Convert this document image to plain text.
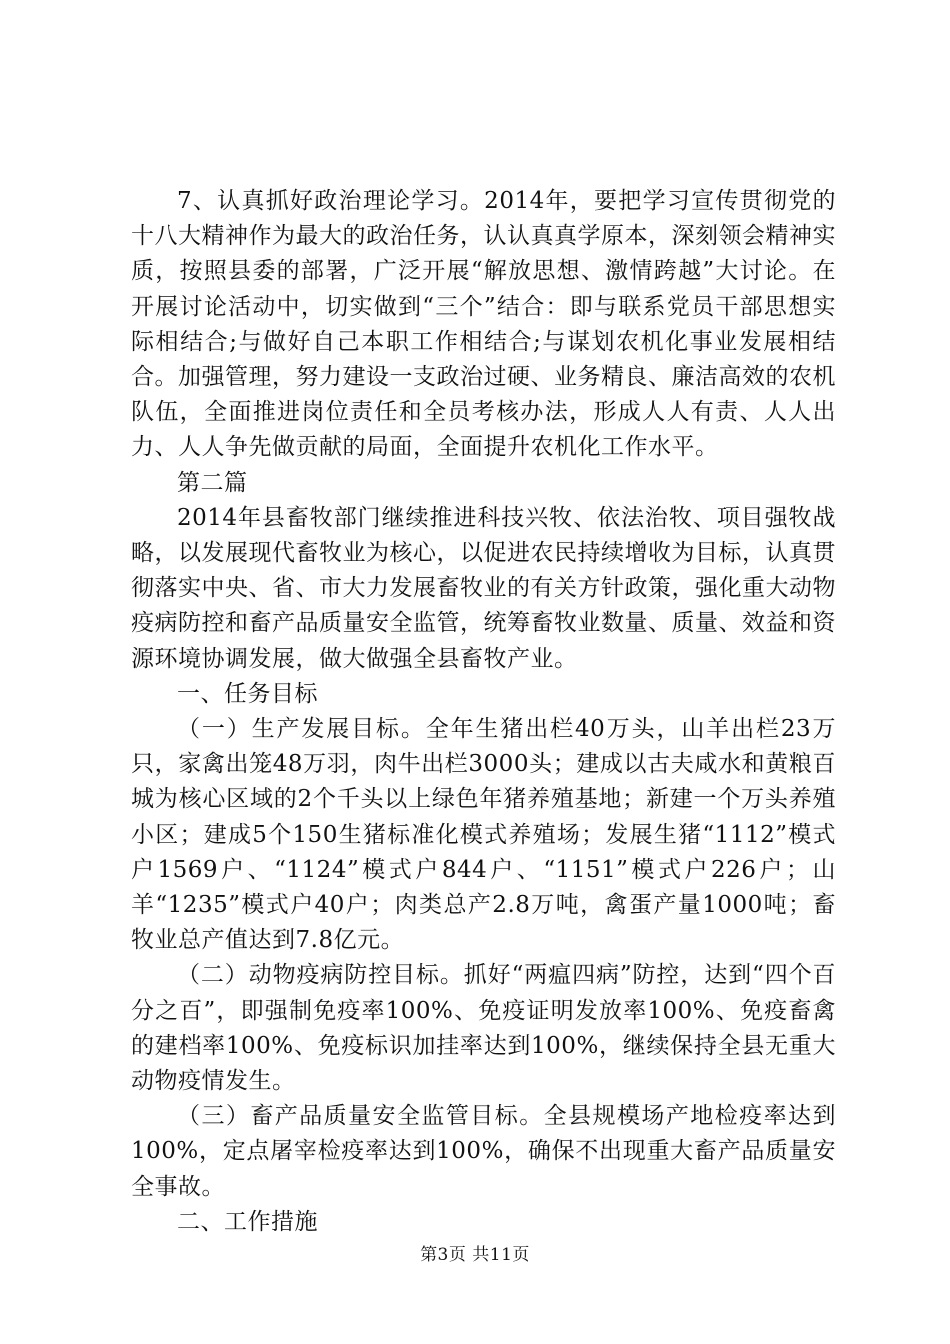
7、认真抓好政治理论学习。2014年，要把学习宣传贯彻党的十八大精神作为最大的政治任务，认认真真学原本，深刻领会精神实质，按照县委的部署，广泛开展“解放思想、激情跨越”大讨论。在开展讨论活动中，切实做到“三个”结合：即与联系党员干部思想实际相结合;与做好自己本职工作相结合;与谋划农机化事业发展相结合。加强管理，努力建设一支政治过硬、业务精良、廉洁高效的农机队伍，全面推进岗位责任和全员考核办法，形成人人有责、人人出力、人人争先做贡献的局面，全面提升农机化工作水平。

第二篇

2014年县畜牧部门继续推进科技兴牧、依法治牧、项目强牧战略，以发展现代畜牧业为核心，以促进农民持续增收为目标，认真贯彻落实中央、省、市大力发展畜牧业的有关方针政策，强化重大动物疫病防控和畜产品质量安全监管，统筹畜牧业数量、质量、效益和资源环境协调发展，做大做强全县畜牧产业。

一、任务目标

（一）生产发展目标。全年生猪出栏40万头，山羊出栏23万只，家禽出笼48万羽，肉牛出栏3000头；建成以古夫咸水和黄粮百城为核心区域的2个千头以上绿色年猪养殖基地；新建一个万头养殖小区；建成5个150生猪标准化模式养殖场；发展生猪“1112”模式户1569户、“1124”模式户844户、“1151”模式户226户；山羊“1235”模式户40户；肉类总产2.8万吨，禽蛋产量1000吨；畜牧业总产值达到7.8亿元。

（二）动物疫病防控目标。抓好“两瘟四病”防控，达到“四个百分之百”，即强制免疫率100%、免疫证明发放率100%、免疫畜禽的建档率100%、免疫标识加挂率达到100%，继续保持全县无重大动物疫情发生。

（三）畜产品质量安全监管目标。全县规模场产地检疫率达到100%，定点屠宰检疫率达到100%，确保不出现重大畜产品质量安全事故。

二、工作措施

第3页 共11页
